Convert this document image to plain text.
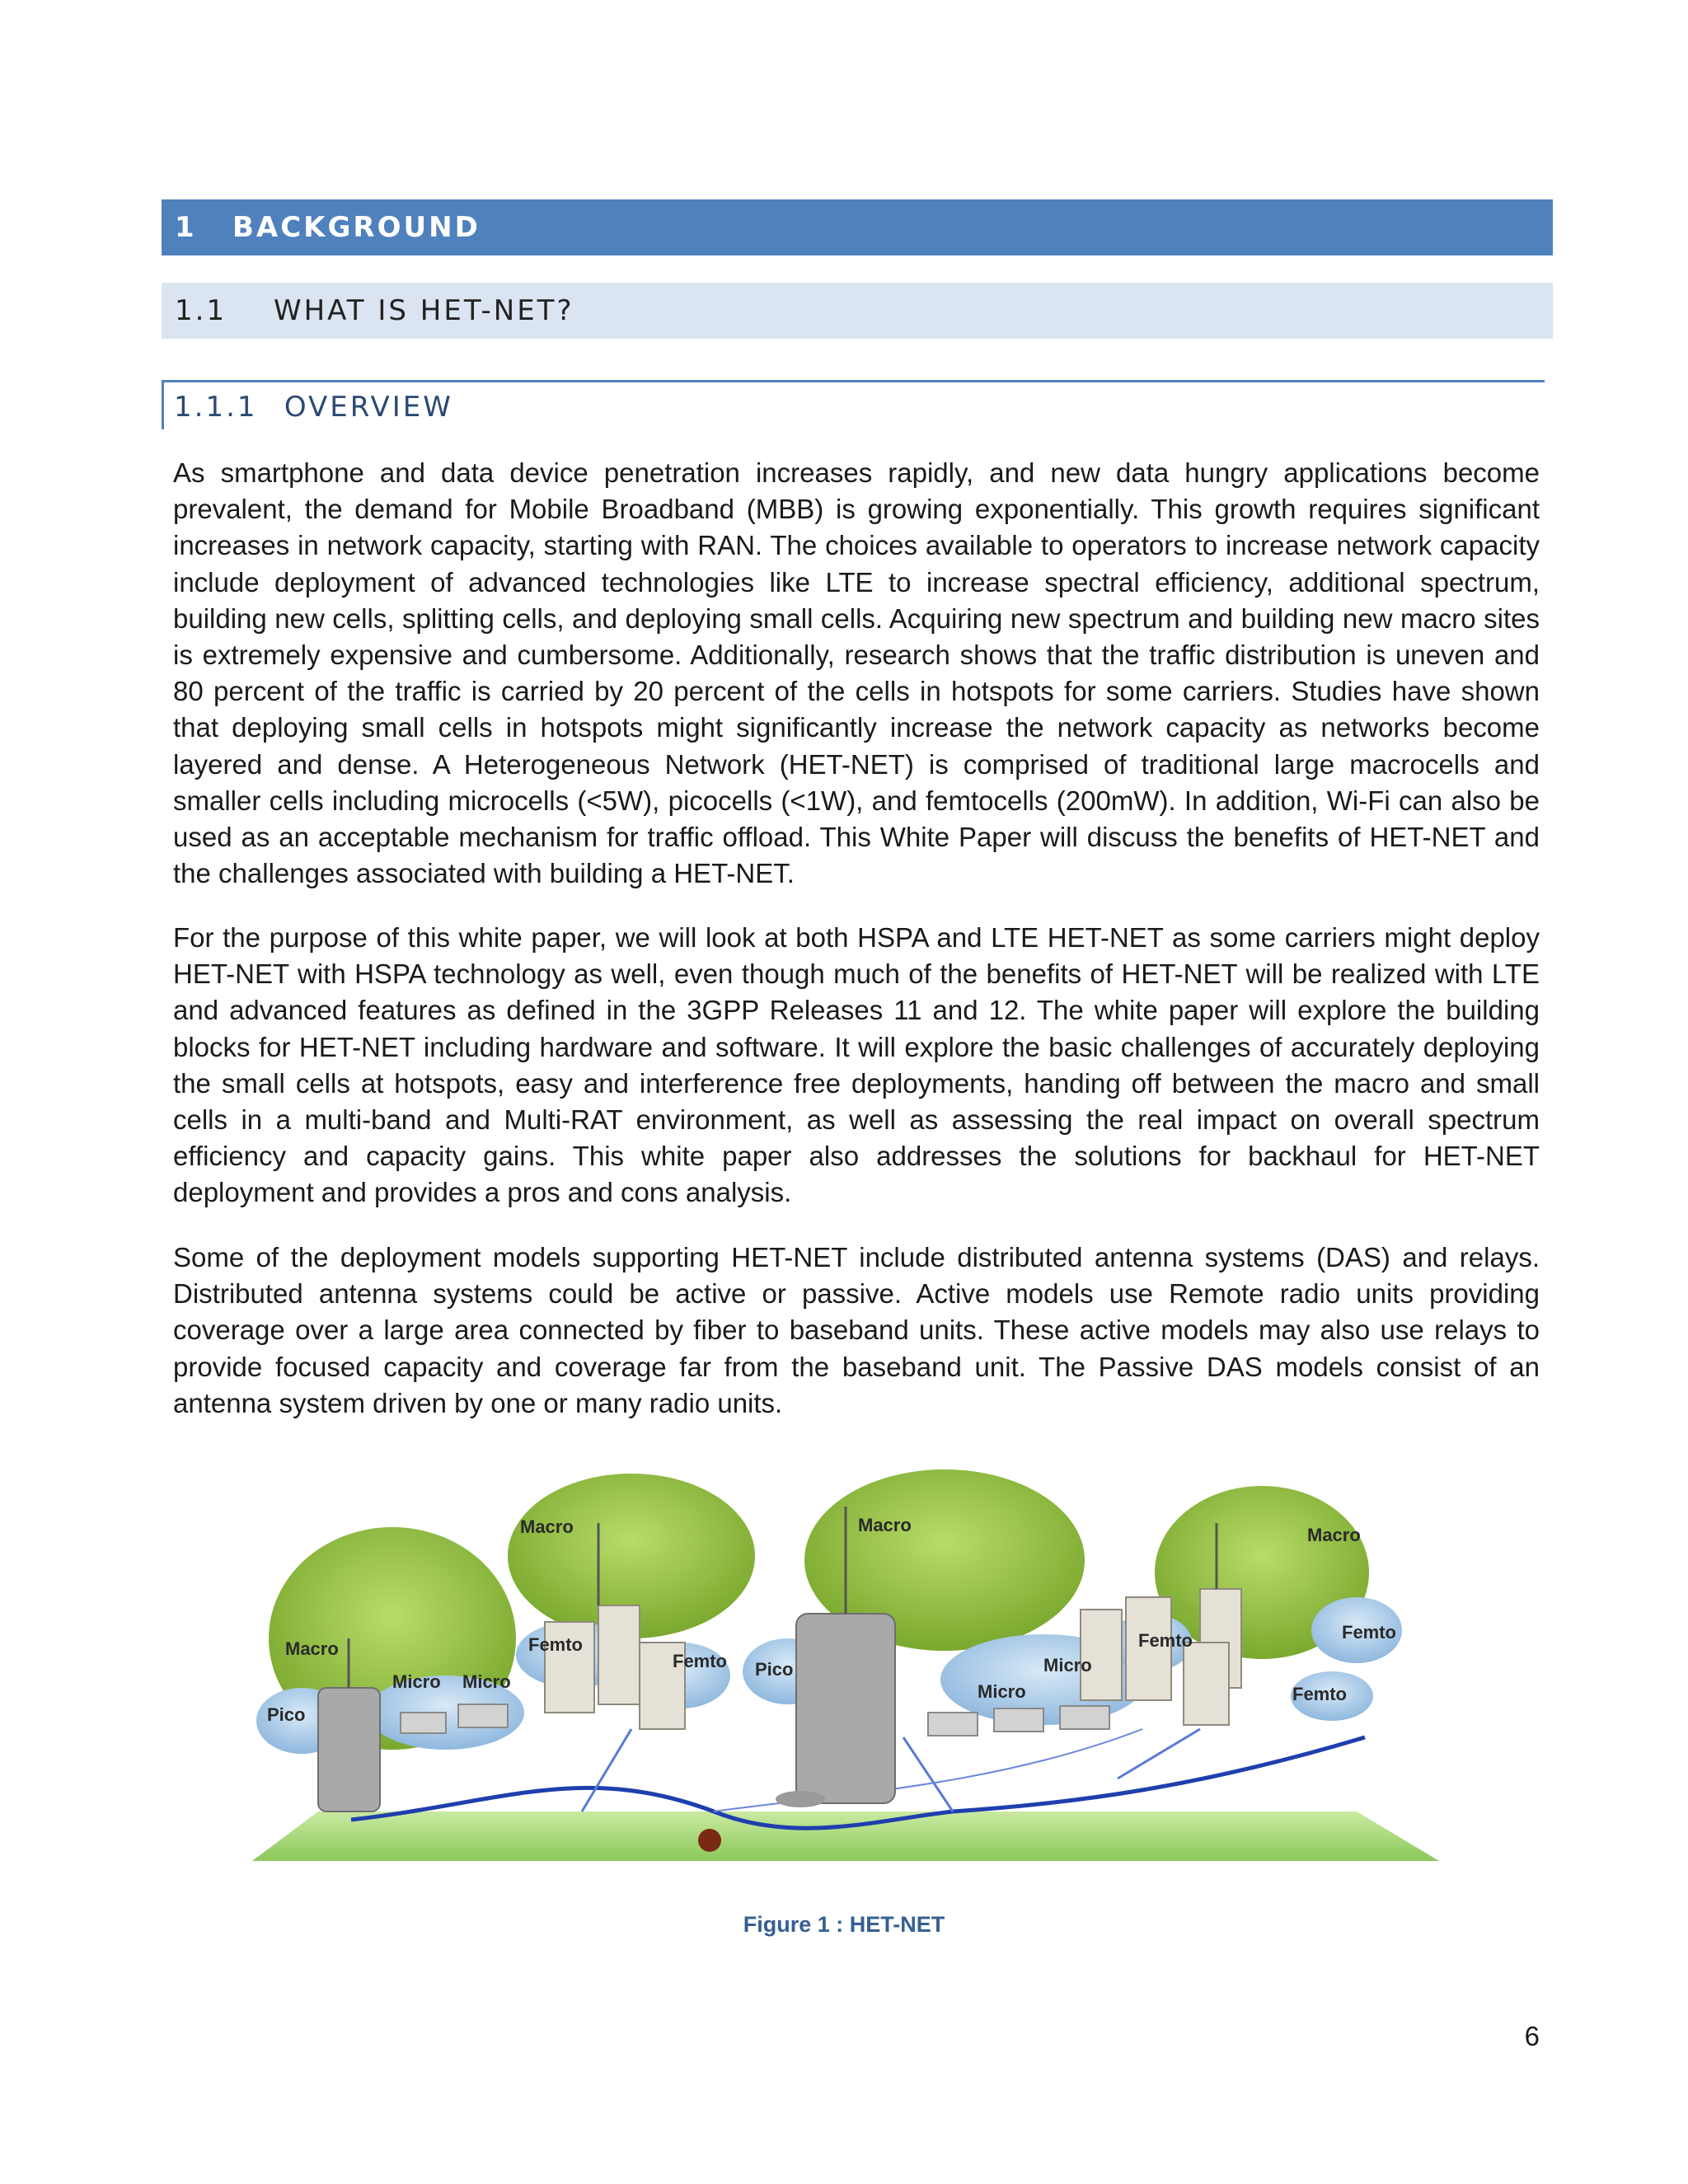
1	BACKGROUND
1.1	WHAT IS HET-NET?
1.1.1 OVERVIEW

As smartphone and data device penetration increases rapidly, and new data hungry applications become prevalent, the demand for Mobile Broadband (MBB) is growing exponentially. This growth requires significant increases in network capacity, starting with RAN. The choices available to operators to increase network capacity include deployment of advanced technologies like LTE to increase spectral efficiency, additional spectrum, building new cells, splitting cells, and deploying small cells. Acquiring new spectrum and building new macro sites is extremely expensive and cumbersome. Additionally, research shows that the traffic distribution is uneven and 80 percent of the traffic is carried by 20 percent of the cells in hotspots for some carriers. Studies have shown that deploying small cells in hotspots might significantly increase the network capacity as networks become layered and dense. A Heterogeneous Network (HET-NET) is comprised of traditional large macrocells and smaller cells including microcells (<5W), picocells (<1W), and femtocells (200mW). In addition, Wi-Fi can also be used as an acceptable mechanism for traffic offload. This White Paper will discuss the benefits of HET-NET and the challenges associated with building a HET-NET.

For the purpose of this white paper, we will look at both HSPA and LTE HET-NET as some carriers might deploy HET-NET with HSPA technology as well, even though much of the benefits of HET-NET will be realized with LTE and advanced features as defined in the 3GPP Releases 11 and 12. The white paper will explore the building blocks for HET-NET including hardware and software. It will explore the basic challenges of accurately deploying the small cells at hotspots, easy and interference free deployments, handing off between the macro and small cells in a multi-band and Multi-RAT environment, as well as assessing the real impact on overall spectrum efficiency and capacity gains. This white paper also addresses the solutions for backhaul for HET-NET deployment and provides a pros and cons analysis.

Some of the deployment models supporting HET-NET include distributed antenna systems (DAS) and relays. Distributed antenna systems could be active or passive. Active models use Remote radio units providing coverage over a large area connected by fiber to baseband units. These active models may also use relays to provide focused capacity and coverage far from the baseband unit. The Passive DAS models consist of an antenna system driven by one or many radio units.

Macro
Macro	Macro	Macro
Micro Micro
Micro
Micro
Pico
Pico
Femto
Femto
Femto	Femto
Femto
Figure 1 : HET-NET
6
